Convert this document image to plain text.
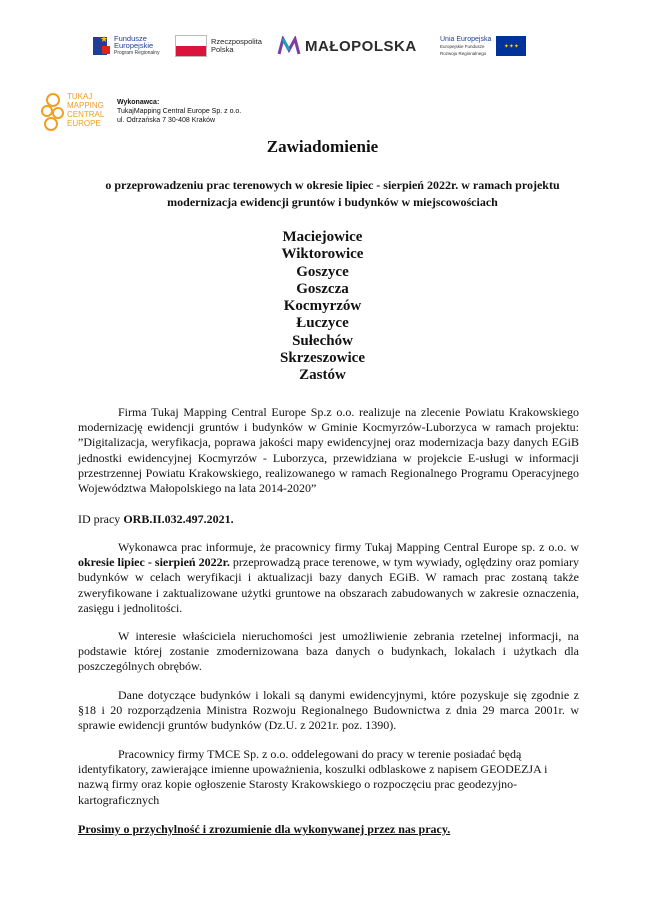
★ Fundusze
Europejskie
Program Regionalny
Rzeczpospolita
Polska	MAŁOPOLSKA	Unia Europejska
Europejskie Fundusze
Rozwoju Regionalnego
✦✦✦
TUKAJ
MAPPING
CENTRAL
EUROPE
Wykonawca:
TukajMapping Central Europe Sp. z o.o.
ul. Odrzańska 7 30-408 Kraków
Zawiadomienie
o przeprowadzeniu prac terenowych w okresie lipiec - sierpień 2022r. w ramach projektu modernizacja ewidencji gruntów i budynków w miejscowościach
Maciejowice
Wiktorowice
Goszyce
Goszcza
Kocmyrzów
Łuczyce
Sułechów
Skrzeszowice
Zastów
Firma Tukaj Mapping Central Europe Sp.z o.o. realizuje na zlecenie Powiatu Krakowskiego modernizację ewidencji gruntów i budynków w Gminie Kocmyrzów-Luborzyca w ramach projektu: ”Digitalizacja, weryfikacja, poprawa jakości mapy ewidencyjnej oraz modernizacja bazy danych EGiB jednostki ewidencyjnej Kocmyrzów - Luborzyca, przewidziana w projekcie E-usługi w informacji przestrzennej Powiatu Krakowskiego, realizowanego w ramach Regionalnego Programu Operacyjnego Województwa Małopolskiego na lata 2014-2020”
ID pracy ORB.II.032.497.2021.
Wykonawca prac informuje, że pracownicy firmy Tukaj Mapping Central Europe sp. z o.o. w okresie lipiec - sierpień 2022r. przeprowadzą prace terenowe, w tym wywiady, oględziny oraz pomiary budynków w celach weryfikacji i aktualizacji bazy danych EGiB. W ramach prac zostaną także zweryfikowane i zaktualizowane użytki gruntowe na obszarach zabudowanych w zakresie oznaczenia, zasięgu i jednolitości.
W interesie właściciela nieruchomości jest umożliwienie zebrania rzetelnej informacji, na podstawie której zostanie zmodernizowana baza danych o budynkach, lokalach i użytkach dla poszczególnych obrębów.
Dane dotyczące budynków i lokali są danymi ewidencyjnymi, które pozyskuje się zgodnie z §18 i 20 rozporządzenia Ministra Rozwoju Regionalnego Budownictwa z dnia 29 marca 2001r. w sprawie ewidencji gruntów budynków (Dz.U. z 2021r. poz. 1390).
Pracownicy firmy TMCE Sp. z o.o. oddelegowani do pracy w terenie posiadać będą identyfikatory, zawierające imienne upoważnienia, koszulki odblaskowe z napisem GEODEZJA i nazwą firmy oraz kopie ogłoszenie Starosty Krakowskiego o rozpoczęciu prac geodezyjno-kartograficznych
Prosimy o przychylność i zrozumienie dla wykonywanej przez nas pracy.
